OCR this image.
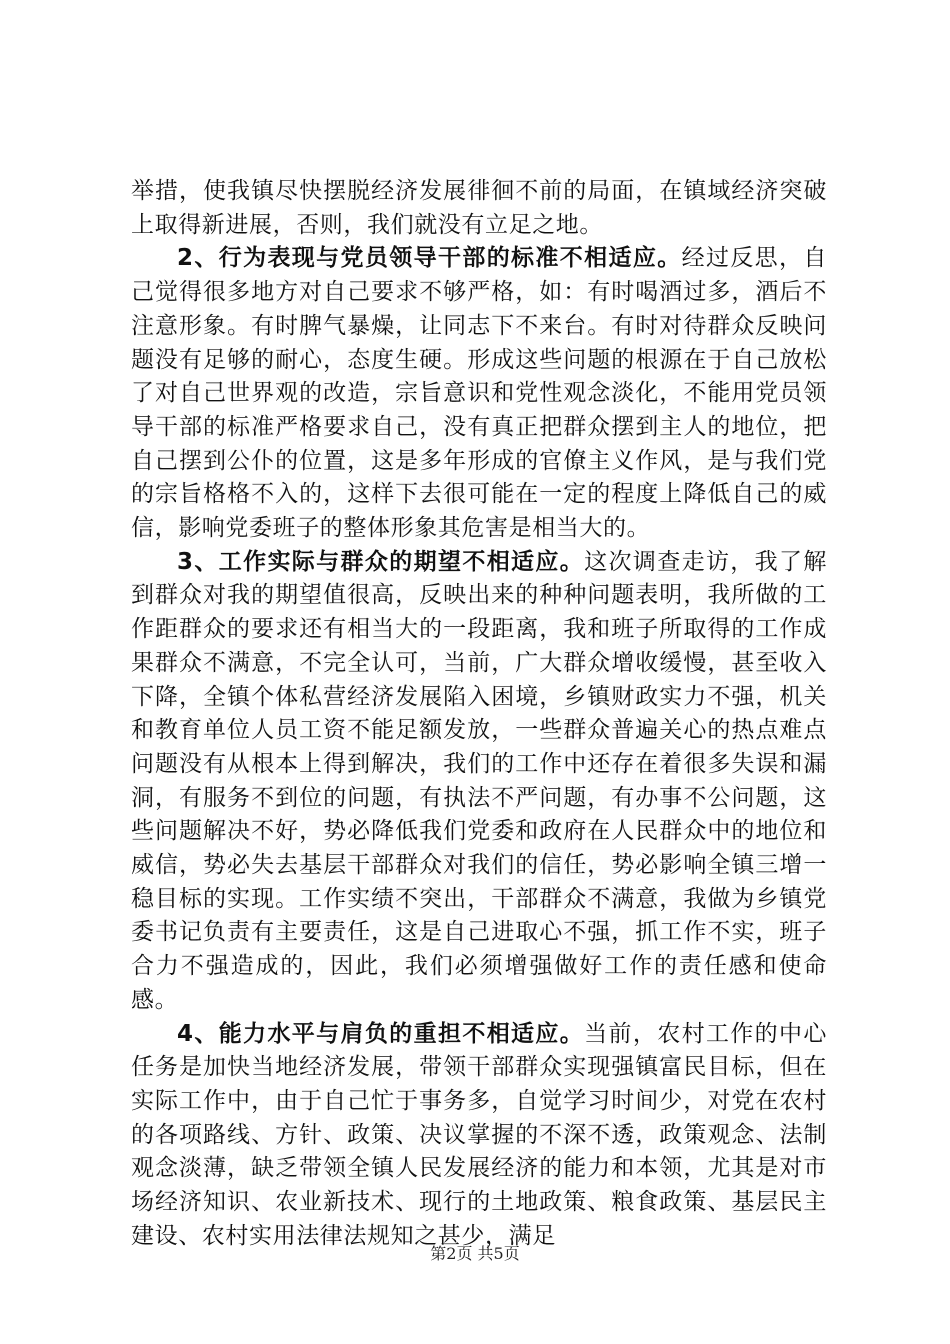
举措，使我镇尽快摆脱经济发展徘徊不前的局面，在镇域经济突破上取得新进展，否则，我们就没有立足之地。

2、行为表现与党员领导干部的标准不相适应。经过反思，自己觉得很多地方对自己要求不够严格，如：有时喝酒过多，酒后不注意形象。有时脾气暴燥，让同志下不来台。有时对待群众反映问题没有足够的耐心，态度生硬。形成这些问题的根源在于自己放松了对自己世界观的改造，宗旨意识和党性观念淡化，不能用党员领导干部的标准严格要求自己，没有真正把群众摆到主人的地位，把自己摆到公仆的位置，这是多年形成的官僚主义作风，是与我们党的宗旨格格不入的，这样下去很可能在一定的程度上降低自己的威信，影响党委班子的整体形象其危害是相当大的。

3、工作实际与群众的期望不相适应。这次调查走访，我了解到群众对我的期望值很高，反映出来的种种问题表明，我所做的工作距群众的要求还有相当大的一段距离，我和班子所取得的工作成果群众不满意，不完全认可，当前，广大群众增收缓慢，甚至收入下降，全镇个体私营经济发展陷入困境，乡镇财政实力不强，机关和教育单位人员工资不能足额发放，一些群众普遍关心的热点难点问题没有从根本上得到解决，我们的工作中还存在着很多失误和漏洞，有服务不到位的问题，有执法不严问题，有办事不公问题，这些问题解决不好，势必降低我们党委和政府在人民群众中的地位和威信，势必失去基层干部群众对我们的信任，势必影响全镇三增一稳目标的实现。工作实绩不突出，干部群众不满意，我做为乡镇党委书记负责有主要责任，这是自己进取心不强，抓工作不实，班子合力不强造成的，因此，我们必须增强做好工作的责任感和使命感。

4、能力水平与肩负的重担不相适应。当前，农村工作的中心任务是加快当地经济发展，带领干部群众实现强镇富民目标，但在实际工作中，由于自己忙于事务多，自觉学习时间少，对党在农村的各项路线、方针、政策、决议掌握的不深不透，政策观念、法制观念淡薄，缺乏带领全镇人民发展经济的能力和本领，尤其是对市场经济知识、农业新技术、现行的土地政策、粮食政策、基层民主建设、农村实用法律法规知之甚少，满足

第2页 共5页
